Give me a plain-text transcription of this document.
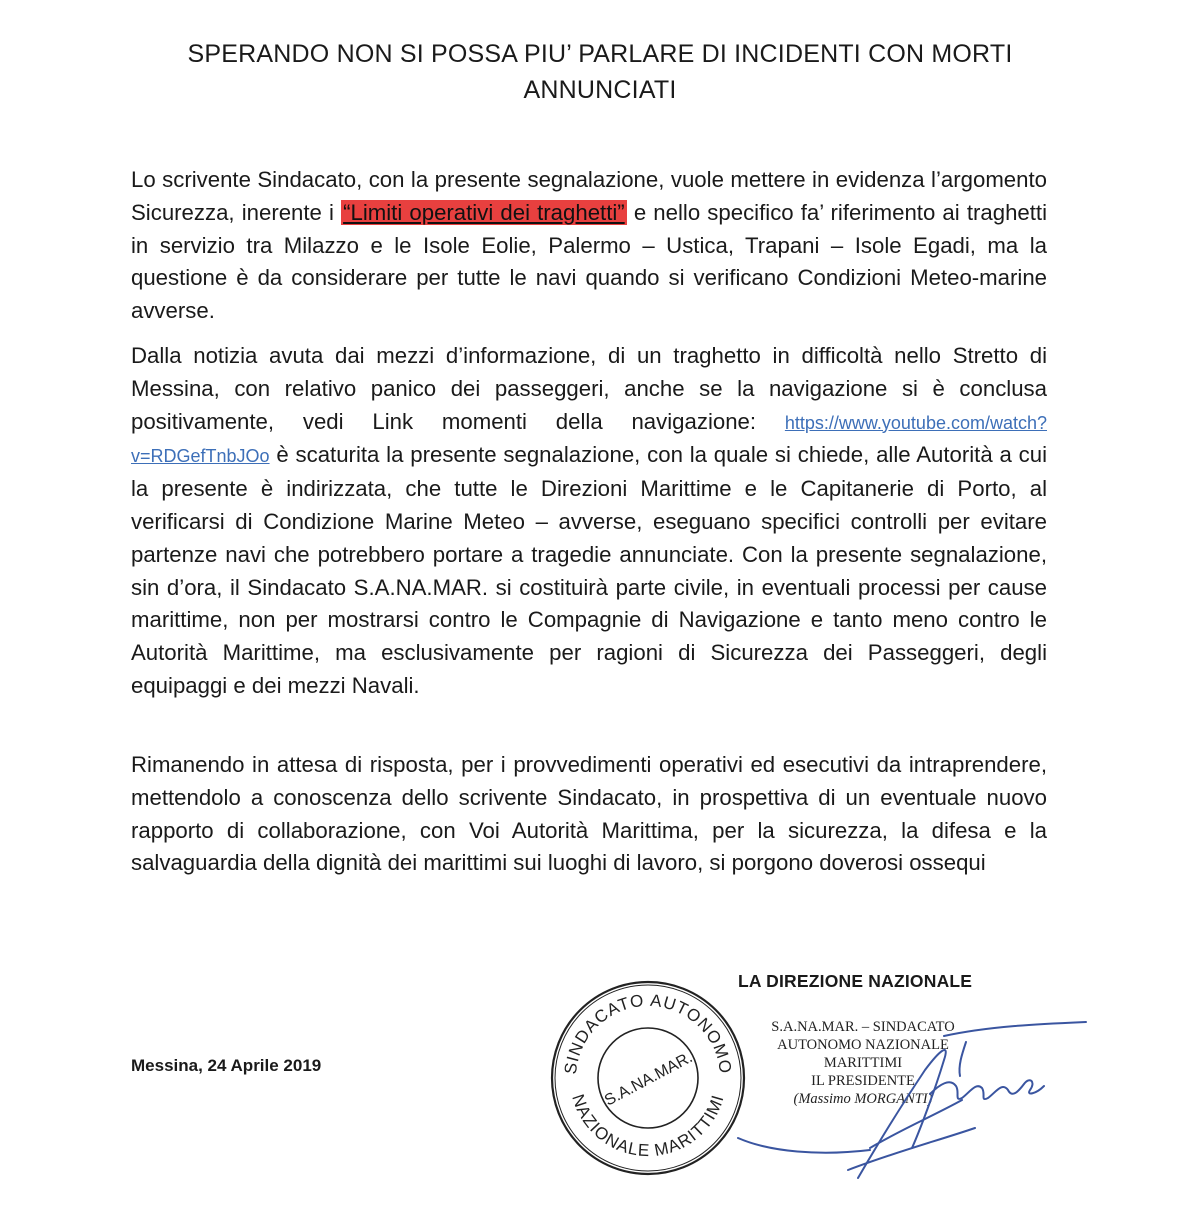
SPERANDO NON SI POSSA PIU’ PARLARE DI INCIDENTI CON MORTI
ANNUNCIATI

Lo scrivente Sindacato, con la presente segnalazione, vuole mettere in evidenza l’argomento Sicurezza, inerente i “Limiti operativi dei traghetti” e nello specifico fa’ riferimento ai traghetti in servizio tra Milazzo e le Isole Eolie, Palermo – Ustica, Trapani – Isole Egadi, ma la questione è da considerare per tutte le navi quando si verificano Condizioni Meteo-marine avverse.

Dalla notizia avuta dai mezzi d’informazione, di un traghetto in difficoltà nello Stretto di Messina, con relativo panico dei passeggeri, anche se la navigazione si è conclusa positivamente, vedi Link momenti della navigazione: https://www.youtube.com/watch?v=RDGefTnbJOo è scaturita la presente segnalazione, con la quale si chiede, alle Autorità a cui la presente è indirizzata, che tutte le Direzioni Marittime e le Capitanerie di Porto, al verificarsi di Condizione Marine Meteo – avverse, eseguano specifici controlli per evitare partenze navi che potrebbero portare a tragedie annunciate. Con la presente segnalazione, sin d’ora, il Sindacato S.A.NA.MAR. si costituirà parte civile, in eventuali processi per cause marittime, non per mostrarsi contro le Compagnie di Navigazione e tanto meno contro le Autorità Marittime, ma esclusivamente per ragioni di Sicurezza dei Passeggeri, degli equipaggi e dei mezzi Navali.

Rimanendo in attesa di risposta, per i provvedimenti operativi ed esecutivi da intraprendere, mettendolo a conoscenza dello scrivente Sindacato, in prospettiva di un eventuale nuovo rapporto di collaborazione, con Voi Autorità Marittima, per la sicurezza, la difesa e la salvaguardia della dignità dei marittimi sui luoghi di lavoro, si porgono doverosi ossequi

Messina, 24 Aprile 2019
LA DIREZIONE NAZIONALE
SINDACATO AUTONOMO
NAZIONALE MARITTIMI
S.A.NA.MAR.
S.A.NA.MAR. – SINDACATO
AUTONOMO NAZIONALE
MARITTIMI
IL PRESIDENTE
(Massimo MORGANTI)
